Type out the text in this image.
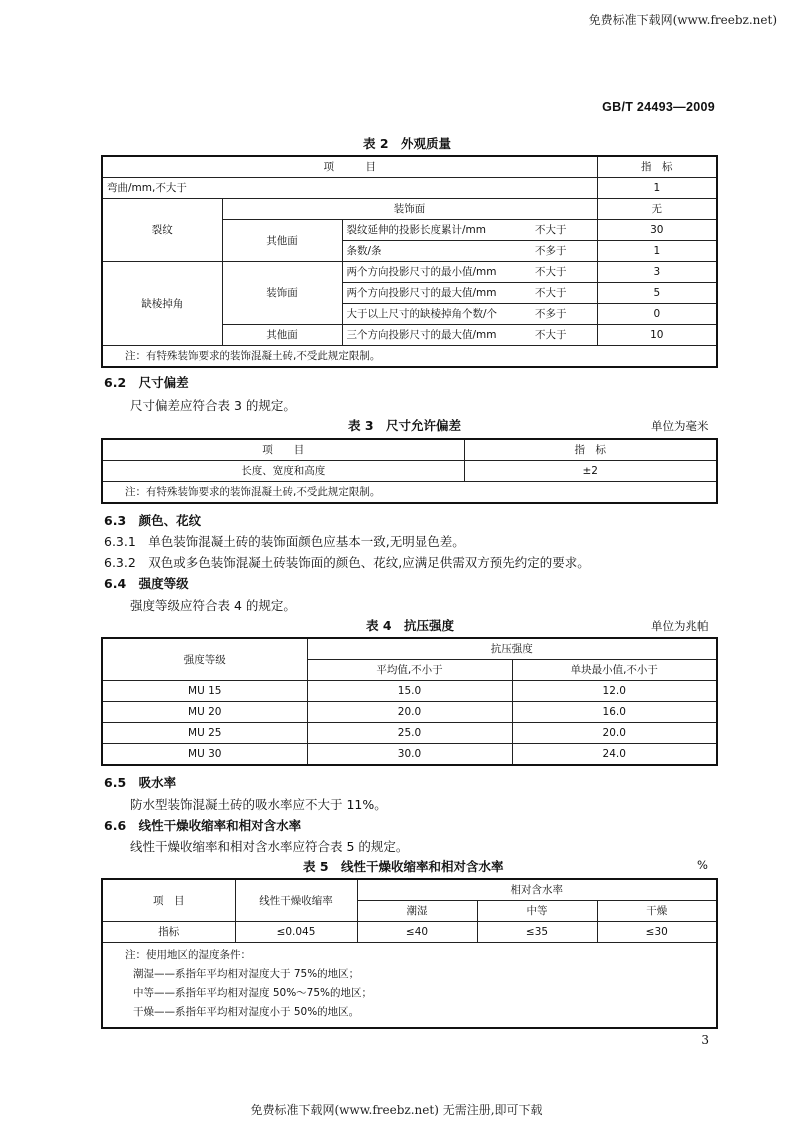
免费标准下载网(www.freebz.net)
GB/T 24493—2009
表 2　外观质量
项　　　目			指　标
弯曲/mm,不大于			1
裂纹	装饰面		无
	其他面	裂纹延伸的投影长度累计/mm 不大于	30

		条数/条 不多于	1
缺棱掉角	装饰面	两个方向投影尺寸的最小值/mm 不大于	3

		两个方向投影尺寸的最大值/mm 不大于	5

		大于以上尺寸的缺棱掉角个数/个 不多于	0
	其他面	三个方向投影尺寸的最大值/mm 不大于	10
注：有特殊装饰要求的装饰混凝土砖,不受此规定限制。			
6.2　尺寸偏差
尺寸偏差应符合表 3 的规定。
表 3　尺寸允许偏差	单位为毫米
项　　目	指　标
长度、宽度和高度	±2
注：有特殊装饰要求的装饰混凝土砖,不受此规定限制。	
6.3　颜色、花纹
6.3.1　单色装饰混凝土砖的装饰面颜色应基本一致,无明显色差。
6.3.2　双色或多色装饰混凝土砖装饰面的颜色、花纹,应满足供需双方预先约定的要求。
6.4　强度等级
强度等级应符合表 4 的规定。
表 4　抗压强度	单位为兆帕
强度等级	抗压强度	
	平均值,不小于	单块最小值,不小于
MU 15	15.0	12.0
MU 20	20.0	16.0
MU 25	25.0	20.0
MU 30	30.0	24.0
6.5　吸水率
防水型装饰混凝土砖的吸水率应不大于 11%。
6.6　线性干燥收缩率和相对含水率
线性干燥收缩率和相对含水率应符合表 5 的规定。
表 5　线性干燥收缩率和相对含水率	%
项　目	线性干燥收缩率	相对含水率		
		潮湿	中等	干燥
指标	≤0.045	≤40	≤35	≤30

注：使用地区的湿度条件：
潮湿——系指年平均相对湿度大于 75%的地区；
中等——系指年平均相对湿度 50%～75%的地区；
干燥——系指年平均相对湿度小于 50%的地区。				
3
免费标准下载网(www.freebz.net) 无需注册,即可下载
